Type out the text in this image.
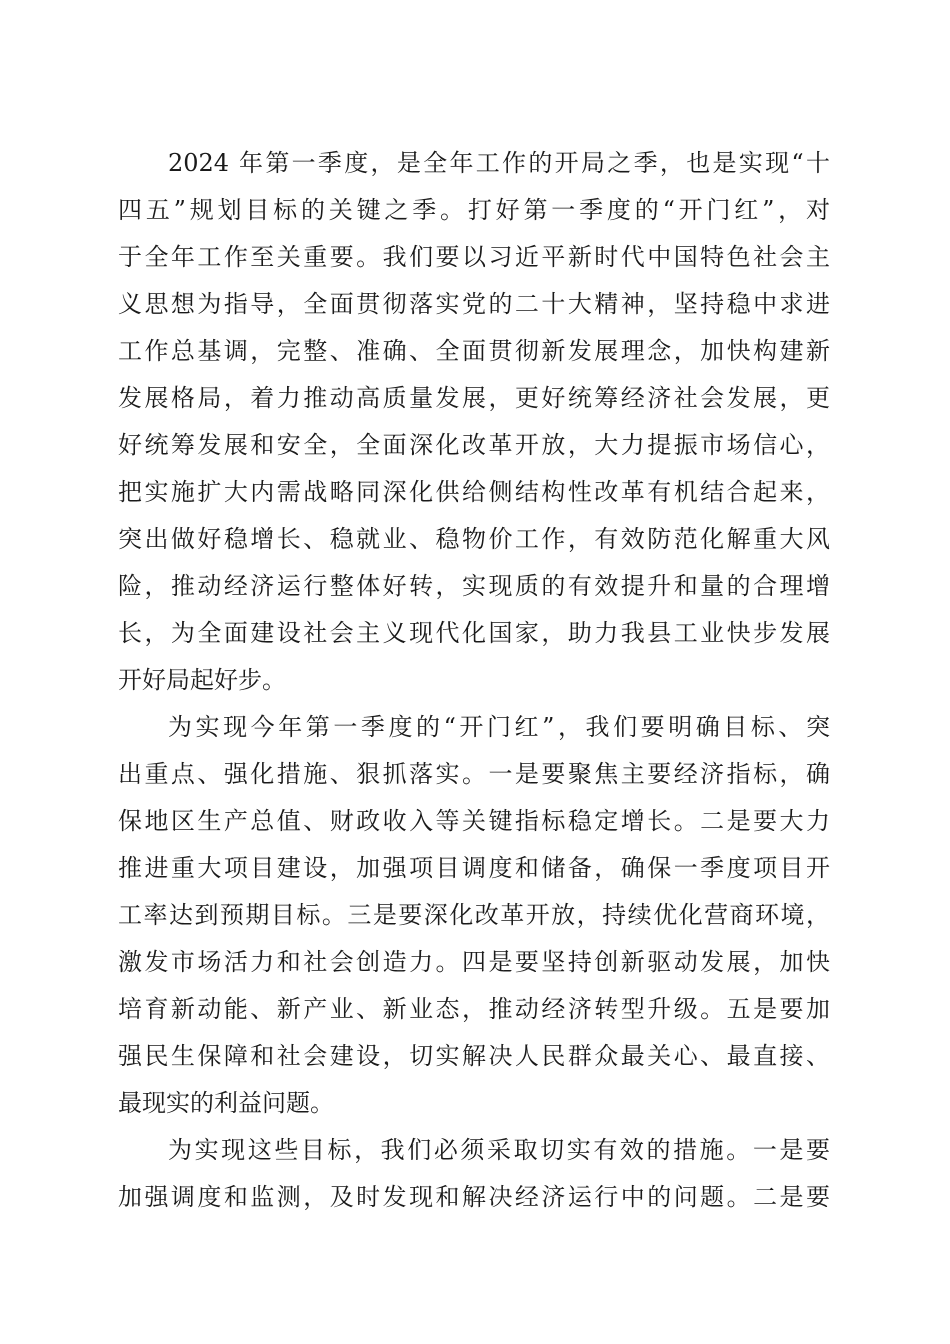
2024 年第一季度，是全年工作的开局之季，也是实现“十
四五”规划目标的关键之季。打好第一季度的“开门红”，对
于全年工作至关重要。我们要以习近平新时代中国特色社会主
义思想为指导，全面贯彻落实党的二十大精神，坚持稳中求进
工作总基调，完整、准确、全面贯彻新发展理念，加快构建新
发展格局，着力推动高质量发展，更好统筹经济社会发展，更
好统筹发展和安全，全面深化改革开放，大力提振市场信心，
把实施扩大内需战略同深化供给侧结构性改革有机结合起来，
突出做好稳增长、稳就业、稳物价工作，有效防范化解重大风
险，推动经济运行整体好转，实现质的有效提升和量的合理增
长，为全面建设社会主义现代化国家，助力我县工业快步发展
开好局起好步。
为实现今年第一季度的“开门红”，我们要明确目标、突
出重点、强化措施、狠抓落实。一是要聚焦主要经济指标，确
保地区生产总值、财政收入等关键指标稳定增长。二是要大力
推进重大项目建设，加强项目调度和储备，确保一季度项目开
工率达到预期目标。三是要深化改革开放，持续优化营商环境，
激发市场活力和社会创造力。四是要坚持创新驱动发展，加快
培育新动能、新产业、新业态，推动经济转型升级。五是要加
强民生保障和社会建设，切实解决人民群众最关心、最直接、
最现实的利益问题。
为实现这些目标，我们必须采取切实有效的措施。一是要
加强调度和监测，及时发现和解决经济运行中的问题。二是要
